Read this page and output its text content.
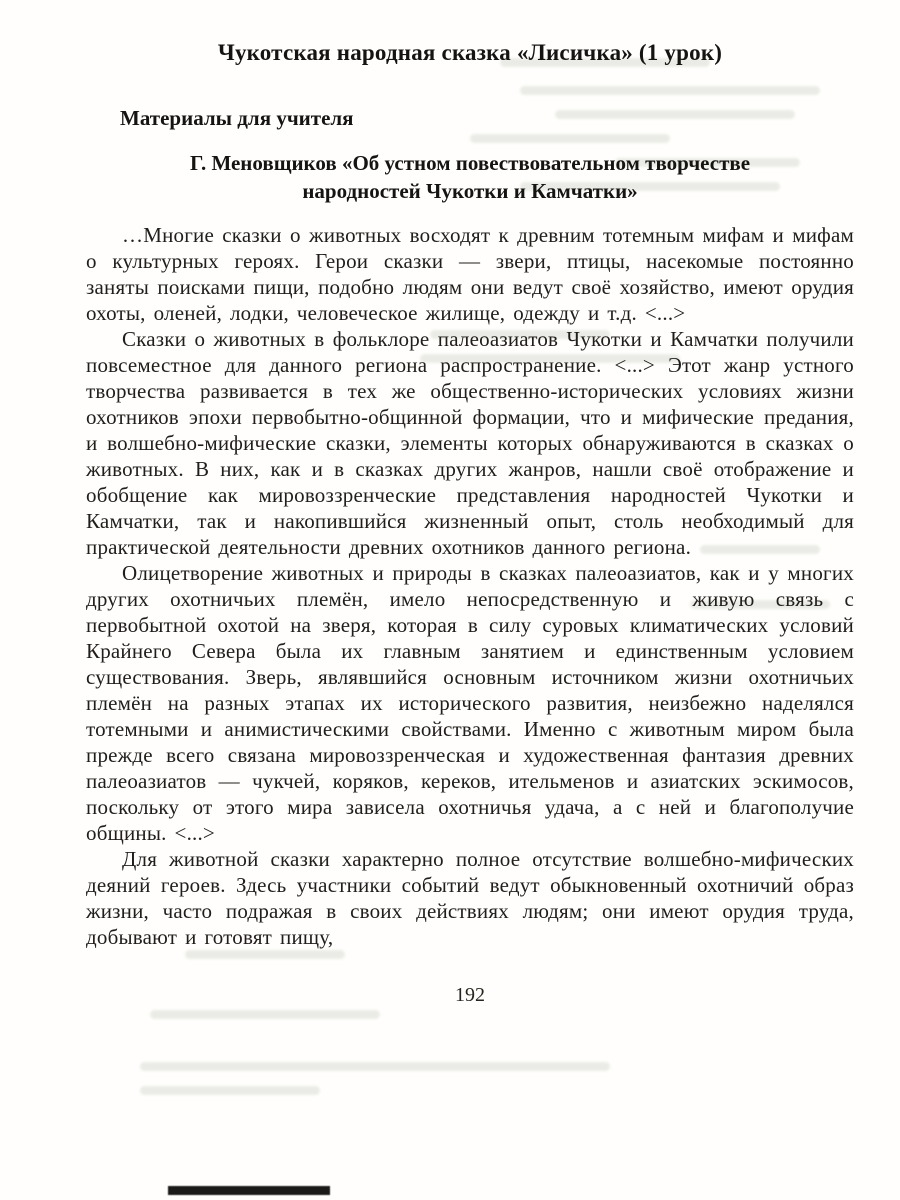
Чукотская народная сказка «Лисичка» (1 урок)
Материалы для учителя
Г. Меновщиков «Об устном повествовательном творчестве народностей Чукотки и Камчатки»

…Многие сказки о животных восходят к древним тотемным мифам и мифам о культурных героях. Герои сказки — звери, птицы, насекомые постоянно заняты поисками пищи, подобно людям они ведут своё хозяйство, имеют орудия охоты, оленей, лодки, человеческое жилище, одежду и т.д. <...>

Сказки о животных в фольклоре палеоазиатов Чукотки и Камчатки получили повсеместное для данного региона распространение. <...> Этот жанр устного творчества развивается в тех же общественно-исторических условиях жизни охотников эпохи первобытно-общинной формации, что и мифические предания, и волшебно-мифические сказки, элементы которых обнаруживаются в сказках о животных. В них, как и в сказках других жанров, нашли своё отображение и обобщение как мировоззренческие представления народностей Чукотки и Камчатки, так и накопившийся жизненный опыт, столь необходимый для практической деятельности древних охотников данного региона.

Олицетворение животных и природы в сказках палеоазиатов, как и у многих других охотничьих племён, имело непосредственную и живую связь с первобытной охотой на зверя, которая в силу суровых климатических условий Крайнего Севера была их главным занятием и единственным условием существования. Зверь, являвшийся основным источником жизни охотничьих племён на разных этапах их исторического развития, неизбежно наделялся тотемными и анимистическими свойствами. Именно с животным миром была прежде всего связана мировоззренческая и художественная фантазия древних палеоазиатов — чукчей, коряков, кереков, ительменов и азиатских эскимосов, поскольку от этого мира зависела охотничья удача, а с ней и благополучие общины. <...>

Для животной сказки характерно полное отсутствие волшебно-мифических деяний героев. Здесь участники событий ведут обыкновенный охотничий образ жизни, часто подражая в своих действиях людям; они имеют орудия труда, добывают и готовят пищу,

192
